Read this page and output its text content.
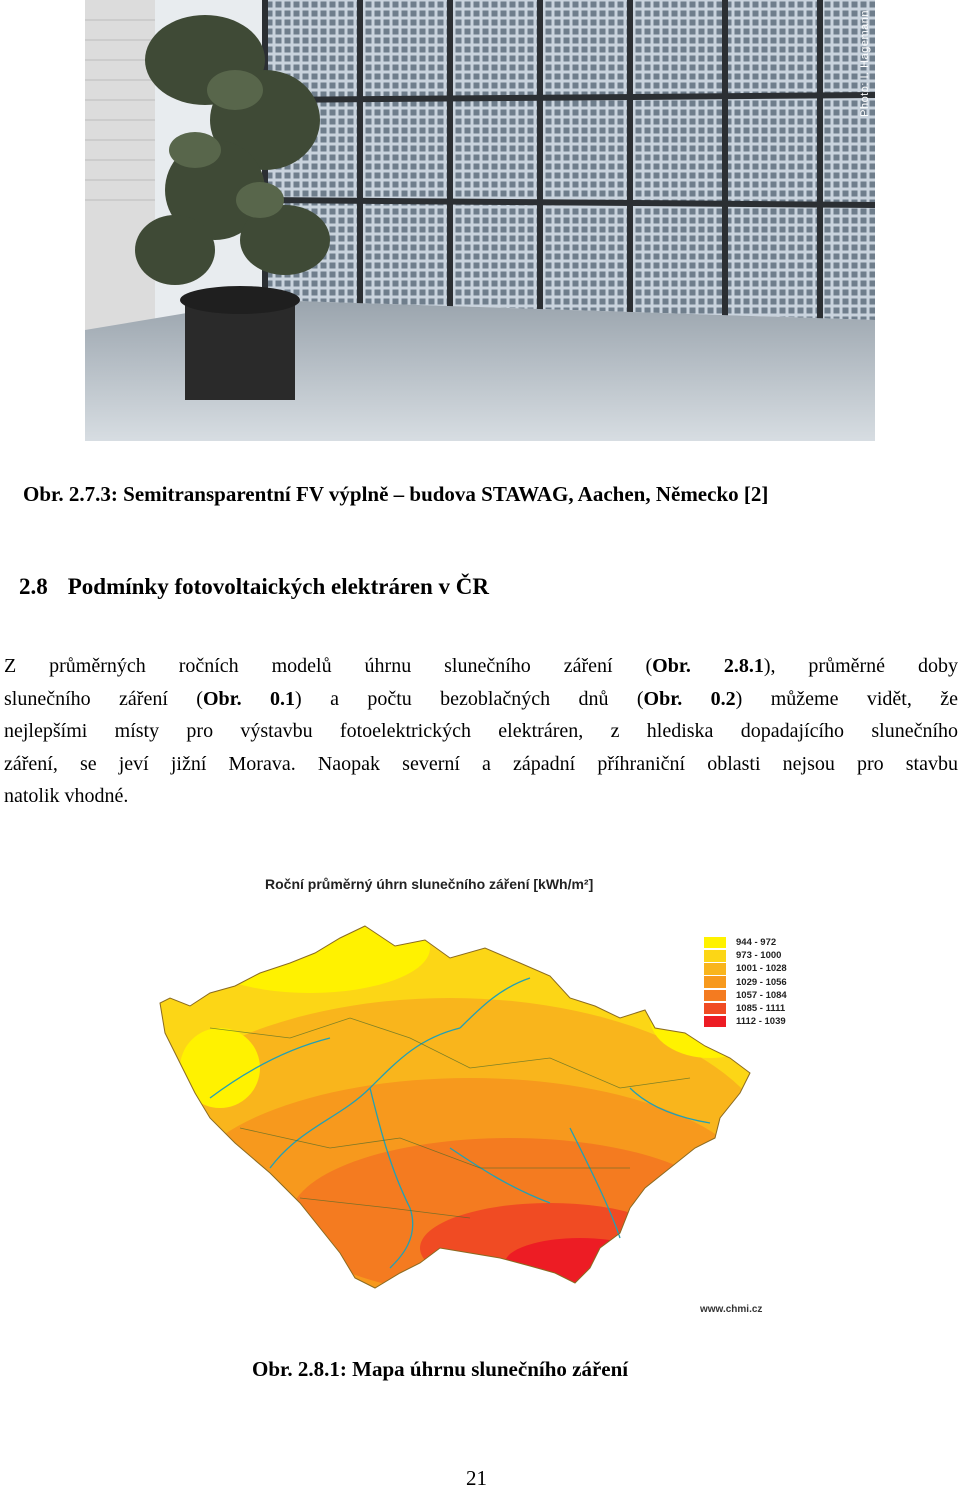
Photo: I. Hagemann
Obr. 2.7.3: Semitransparentní FV výplně – budova STAWAG, Aachen, Německo [2]
2.8 Podmínky fotovoltaických elektráren v ČR
Z průměrných ročních modelů úhrnu slunečního záření (Obr. 2.8.1), průměrné doby
slunečního záření (Obr. 0.1) a počtu bezoblačných dnů (Obr. 0.2) můžeme vidět, že
nejlepšími místy pro výstavbu fotoelektrických elektráren, z hlediska dopadajícího slunečního
záření, se jeví jižní Morava. Naopak severní a západní příhraniční oblasti nejsou pro stavbu
natolik vhodné.
Roční průměrný úhrn slunečního záření [kWh/m²]
944 - 972
973 - 1000
1001 - 1028
1029 - 1056
1057 - 1084
1085 - 1111
1112 - 1039
www.chmi.cz
Obr. 2.8.1: Mapa úhrnu slunečního záření
21
